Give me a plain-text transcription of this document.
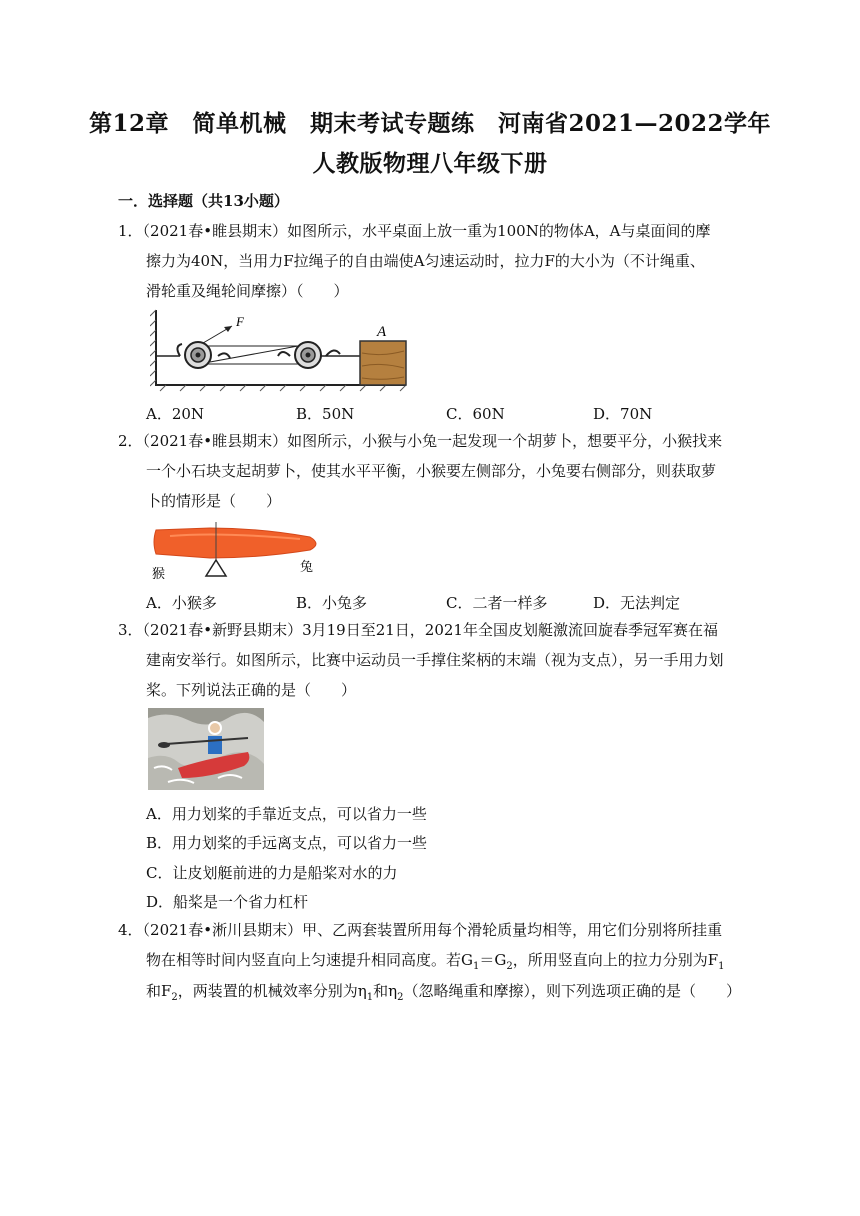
第12章　简单机械　期末考试专题练　河南省2021—2022学年
人教版物理八年级下册
一．选择题（共13小题）
1．（2021春•睢县期末）如图所示，水平桌面上放一重为100N的物体A，A与桌面间的摩
擦力为40N，当用力F拉绳子的自由端使A匀速运动时，拉力F的大小为（不计绳重、
滑轮重及绳轮间摩擦）（　　）
F
A
A．20N	B．50N	C．60N	D．70N
2．（2021春•睢县期末）如图所示，小猴与小兔一起发现一个胡萝卜，想要平分，小猴找来
一个小石块支起胡萝卜，使其水平平衡，小猴要左侧部分，小兔要右侧部分，则获取萝
卜的情形是（　　）
猴	兔
A．小猴多	B．小兔多	C．二者一样多	D．无法判定
3．（2021春•新野县期末）3月19日至21日，2021年全国皮划艇激流回旋春季冠军赛在福
建南安举行。如图所示，比赛中运动员一手撑住桨柄的末端（视为支点），另一手用力划
桨。下列说法正确的是（　　）
A．用力划桨的手靠近支点，可以省力一些
B．用力划桨的手远离支点，可以省力一些
C．让皮划艇前进的力是船桨对水的力
D．船桨是一个省力杠杆
4．（2021春•淅川县期末）甲、乙两套装置所用每个滑轮质量均相等，用它们分别将所挂重
物在相等时间内竖直向上匀速提升相同高度。若$G_1=G_2$，所用竖直向上的拉力分别为$F_1$
和$F_2$，两装置的机械效率分别为$\eta_1$和$\eta_2$（忽略绳重和摩擦），则下列选项正确的是（　　）
